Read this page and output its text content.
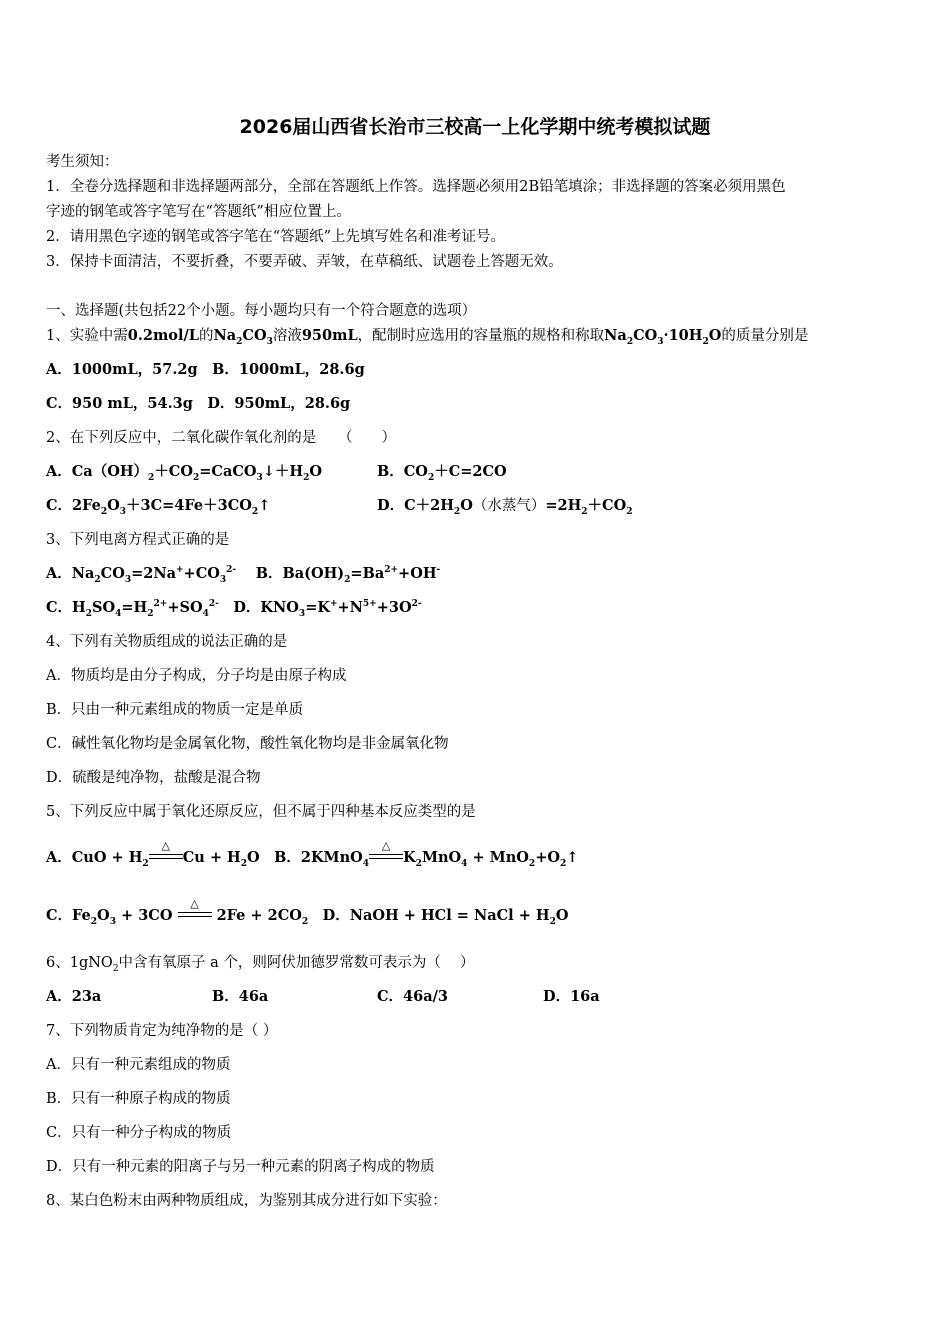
2026届山西省长治市三校高一上化学期中统考模拟试题
考生须知：
1．全卷分选择题和非选择题两部分，全部在答题纸上作答。选择题必须用2B铅笔填涂；非选择题的答案必须用黑色
字迹的钢笔或答字笔写在“答题纸”相应位置上。
2．请用黑色字迹的钢笔或答字笔在“答题纸”上先填写姓名和准考证号。
3．保持卡面清洁，不要折叠，不要弄破、弄皱，在草稿纸、试题卷上答题无效。
一、选择题(共包括22个小题。每小题均只有一个符合题意的选项）
1、实验中需0.2mol/L的$Na_2CO_3$溶液950mL，配制时应选用的容量瓶的规格和称取$Na_2CO_3\cdot 10H_2O$的质量分别是
A．1000mL，57.2g　 B．1000mL，28.6g
C．950 mL，54.3g　 D．950mL，28.6g
2、在下列反应中，二氧化碳作氧化剂的是　　（　　）
A．$Ca(OH)_2+CO_2=CaCO_3↓+H_2O$	B．$CO_2+C=2CO$
C．$2Fe_2O_3+3C=4Fe+3CO_2↑$	D．$C+2H_2O$（水蒸气）$=2H_2+CO_2$
3、下列电离方程式正确的是
A．$Na_2CO_3=2Na^++CO_3^{2-}$　 B．$Ba(OH)_2=Ba^{2+}+OH^-$
C．$H_2SO_4=H_2^{2+}+SO_4^{2-}$　D．$KNO_3=K^++N^{5+}+3O^{2-}$
4、下列有关物质组成的说法正确的是
A．物质均是由分子构成，分子均是由原子构成
B．只由一种元素组成的物质一定是单质
C．碱性氧化物均是金属氧化物，酸性氧化物均是非金属氧化物
D．硫酸是纯净物，盐酸是混合物
5、下列反应中属于氧化还原反应，但不属于四种基本反应类型的是
A．CuO + $H_2$
△
$Cu + H_2O$　B．2KMnO$_4$
△
$K_2MnO_4$ + $MnO_2+O_2↑$
C．$Fe_2O_3 + 3CO$
△
$2Fe + 2CO_2$　D．NaOH + HCl = NaCl + $H_2O$
6、1gNO$_2$中含有氧原子 a 个，则阿伏加德罗常数可表示为（　 ）
A．23a	B．46a	C．46a/3	D．16a
7、下列物质肯定为纯净物的是（ ）
A．只有一种元素组成的物质
B．只有一种原子构成的物质
C．只有一种分子构成的物质
D．只有一种元素的阳离子与另一种元素的阴离子构成的物质
8、某白色粉末由两种物质组成，为鉴别其成分进行如下实验：
